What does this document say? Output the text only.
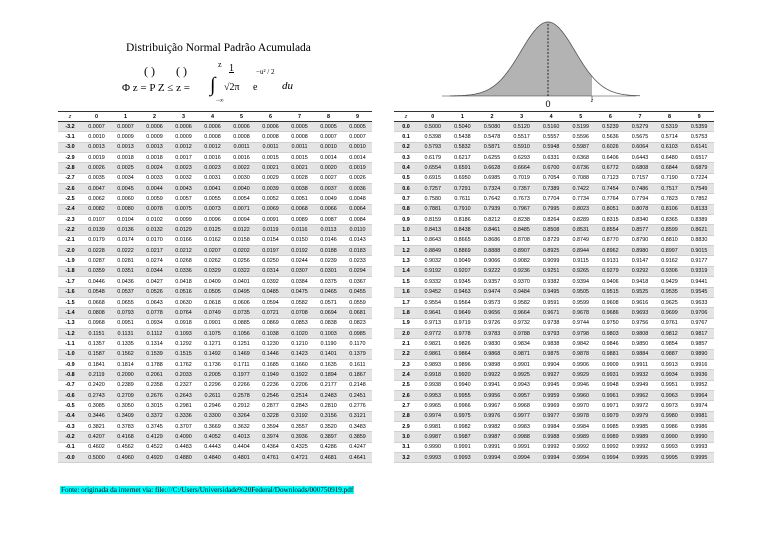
Distribuição Normal Padrão Acumulada
( ) ( )	z 1	−u² / 2
Φ z = P Z ≤ z = ∫
−∞
√2π e du
0	z
z	0	1	2	3	4	5	6	7	8	9
-3.2	0.0007	0.0007	0.0006	0.0006	0.0006	0.0006	0.0006	0.0005	0.0005	0.0005
-3.1	0.0010	0.0009	0.0009	0.0009	0.0008	0.0008	0.0008	0.0008	0.0007	0.0007
-3.0	0.0013	0.0013	0.0013	0.0012	0.0012	0.0011	0.0011	0.0011	0.0010	0.0010
-2.9	0.0019	0.0018	0.0018	0.0017	0.0016	0.0016	0.0015	0.0015	0.0014	0.0014
-2.8	0.0026	0.0025	0.0024	0.0023	0.0023	0.0022	0.0021	0.0021	0.0020	0.0019
-2.7	0.0035	0.0034	0.0033	0.0032	0.0031	0.0030	0.0029	0.0028	0.0027	0.0026
-2.6	0.0047	0.0045	0.0044	0.0043	0.0041	0.0040	0.0039	0.0038	0.0037	0.0036
-2.5	0.0062	0.0060	0.0059	0.0057	0.0055	0.0054	0.0052	0.0051	0.0049	0.0048
-2.4	0.0082	0.0080	0.0078	0.0075	0.0073	0.0071	0.0069	0.0068	0.0066	0.0064
-2.3	0.0107	0.0104	0.0102	0.0099	0.0096	0.0094	0.0091	0.0089	0.0087	0.0084
-2.2	0.0139	0.0136	0.0132	0.0129	0.0125	0.0122	0.0119	0.0116	0.0113	0.0110
-2.1	0.0179	0.0174	0.0170	0.0166	0.0162	0.0158	0.0154	0.0150	0.0146	0.0143
-2.0	0.0228	0.0222	0.0217	0.0212	0.0207	0.0202	0.0197	0.0192	0.0188	0.0183
-1.9	0.0287	0.0281	0.0274	0.0268	0.0262	0.0256	0.0250	0.0244	0.0239	0.0233
-1.8	0.0359	0.0351	0.0344	0.0336	0.0329	0.0322	0.0314	0.0307	0.0301	0.0294
-1.7	0.0446	0.0436	0.0427	0.0418	0.0409	0.0401	0.0392	0.0384	0.0375	0.0367
-1.6	0.0548	0.0537	0.0526	0.0516	0.0505	0.0495	0.0485	0.0475	0.0465	0.0455
-1.5	0.0668	0.0655	0.0643	0.0630	0.0618	0.0606	0.0594	0.0582	0.0571	0.0559
-1.4	0.0808	0.0793	0.0778	0.0764	0.0749	0.0735	0.0721	0.0708	0.0694	0.0681
-1.3	0.0968	0.0951	0.0934	0.0918	0.0901	0.0885	0.0869	0.0853	0.0838	0.0823
-1.2	0.1151	0.1131	0.1112	0.1093	0.1075	0.1056	0.1038	0.1020	0.1003	0.0985
-1.1	0.1357	0.1335	0.1314	0.1292	0.1271	0.1251	0.1230	0.1210	0.1190	0.1170
-1.0	0.1587	0.1562	0.1539	0.1515	0.1492	0.1469	0.1446	0.1423	0.1401	0.1379
-0.9	0.1841	0.1814	0.1788	0.1762	0.1736	0.1711	0.1685	0.1660	0.1635	0.1611
-0.8	0.2119	0.2090	0.2061	0.2033	0.2005	0.1977	0.1949	0.1922	0.1894	0.1867
-0.7	0.2420	0.2389	0.2358	0.2327	0.2296	0.2266	0.2236	0.2206	0.2177	0.2148
-0.6	0.2743	0.2709	0.2676	0.2643	0.2611	0.2578	0.2546	0.2514	0.2483	0.2451
-0.5	0.3085	0.3050	0.3015	0.2981	0.2946	0.2912	0.2877	0.2843	0.2810	0.2776
-0.4	0.3446	0.3409	0.3372	0.3336	0.3300	0.3264	0.3228	0.3192	0.3156	0.3121
-0.3	0.3821	0.3783	0.3745	0.3707	0.3669	0.3632	0.3594	0.3557	0.3520	0.3483
-0.2	0.4207	0.4168	0.4129	0.4090	0.4052	0.4013	0.3974	0.3936	0.3897	0.3859
-0.1	0.4602	0.4562	0.4522	0.4483	0.4443	0.4404	0.4364	0.4325	0.4286	0.4247
-0.0	0.5000	0.4960	0.4920	0.4880	0.4840	0.4801	0.4761	0.4721	0.4681	0.4641
z	0	1	2	3	4	5	6	7	8	9
0.0	0.5000	0.5040	0.5080	0.5120	0.5160	0.5199	0.5239	0.5279	0.5319	0.5359
0.1	0.5398	0.5438	0.5478	0.5517	0.5557	0.5596	0.5636	0.5675	0.5714	0.5753
0.2	0.5793	0.5832	0.5871	0.5910	0.5948	0.5987	0.6026	0.6064	0.6103	0.6141
0.3	0.6179	0.6217	0.6255	0.6293	0.6331	0.6368	0.6406	0.6443	0.6480	0.6517
0.4	0.6554	0.6591	0.6628	0.6664	0.6700	0.6736	0.6772	0.6808	0.6844	0.6879
0.5	0.6915	0.6950	0.6985	0.7019	0.7054	0.7088	0.7123	0.7157	0.7190	0.7224
0.6	0.7257	0.7291	0.7324	0.7357	0.7389	0.7422	0.7454	0.7486	0.7517	0.7549
0.7	0.7580	0.7611	0.7642	0.7673	0.7704	0.7734	0.7764	0.7794	0.7823	0.7852
0.8	0.7881	0.7910	0.7939	0.7967	0.7995	0.8023	0.8051	0.8078	0.8106	0.8133
0.9	0.8159	0.8186	0.8212	0.8238	0.8264	0.8289	0.8315	0.8340	0.8365	0.8389
1.0	0.8413	0.8438	0.8461	0.8485	0.8508	0.8531	0.8554	0.8577	0.8599	0.8621
1.1	0.8643	0.8665	0.8686	0.8708	0.8729	0.8749	0.8770	0.8790	0.8810	0.8830
1.2	0.8849	0.8869	0.8888	0.8907	0.8925	0.8944	0.8962	0.8980	0.8997	0.9015
1.3	0.9032	0.9049	0.9066	0.9082	0.9099	0.9115	0.9131	0.9147	0.9162	0.9177
1.4	0.9192	0.9207	0.9222	0.9236	0.9251	0.9265	0.9279	0.9292	0.9306	0.9319
1.5	0.9332	0.9345	0.9357	0.9370	0.9382	0.9394	0.9406	0.9418	0.9429	0.9441
1.6	0.9452	0.9463	0.9474	0.9484	0.9495	0.9505	0.9515	0.9525	0.9535	0.9545
1.7	0.9554	0.9564	0.9573	0.9582	0.9591	0.9599	0.9608	0.9616	0.9625	0.9633
1.8	0.9641	0.9649	0.9656	0.9664	0.9671	0.9678	0.9686	0.9693	0.9699	0.9706
1.9	0.9713	0.9719	0.9726	0.9732	0.9738	0.9744	0.9750	0.9756	0.9761	0.9767
2.0	0.9772	0.9778	0.9783	0.9788	0.9793	0.9798	0.9803	0.9808	0.9812	0.9817
2.1	0.9821	0.9826	0.9830	0.9834	0.9838	0.9842	0.9846	0.9850	0.9854	0.9857
2.2	0.9861	0.9864	0.9868	0.9871	0.9875	0.9878	0.9881	0.9884	0.9887	0.9890
2.3	0.9893	0.9896	0.9898	0.9901	0.9904	0.9906	0.9909	0.9911	0.9913	0.9916
2.4	0.9918	0.9920	0.9922	0.9925	0.9927	0.9929	0.9931	0.9932	0.9934	0.9936
2.5	0.9938	0.9940	0.9941	0.9943	0.9945	0.9946	0.9948	0.9949	0.9951	0.9952
2.6	0.9953	0.9955	0.9956	0.9957	0.9959	0.9960	0.9961	0.9962	0.9963	0.9964
2.7	0.9965	0.9966	0.9967	0.9968	0.9969	0.9970	0.9971	0.9972	0.9973	0.9974
2.8	0.9974	0.9975	0.9976	0.9977	0.9977	0.9978	0.9979	0.9979	0.9980	0.9981
2.9	0.9981	0.9982	0.9982	0.9983	0.9984	0.9984	0.9985	0.9985	0.9986	0.9986
3.0	0.9987	0.9987	0.9987	0.9988	0.9988	0.9989	0.9989	0.9989	0.9990	0.9990
3.1	0.9990	0.9991	0.9991	0.9991	0.9992	0.9992	0.9992	0.9992	0.9993	0.9993
3.2	0.9993	0.9993	0.9994	0.9994	0.9994	0.9994	0.9994	0.9995	0.9995	0.9995
Fonte: originada da internet via: file:///C:/Users/Universidade%20Federal/Downloads/000750919.pdf
